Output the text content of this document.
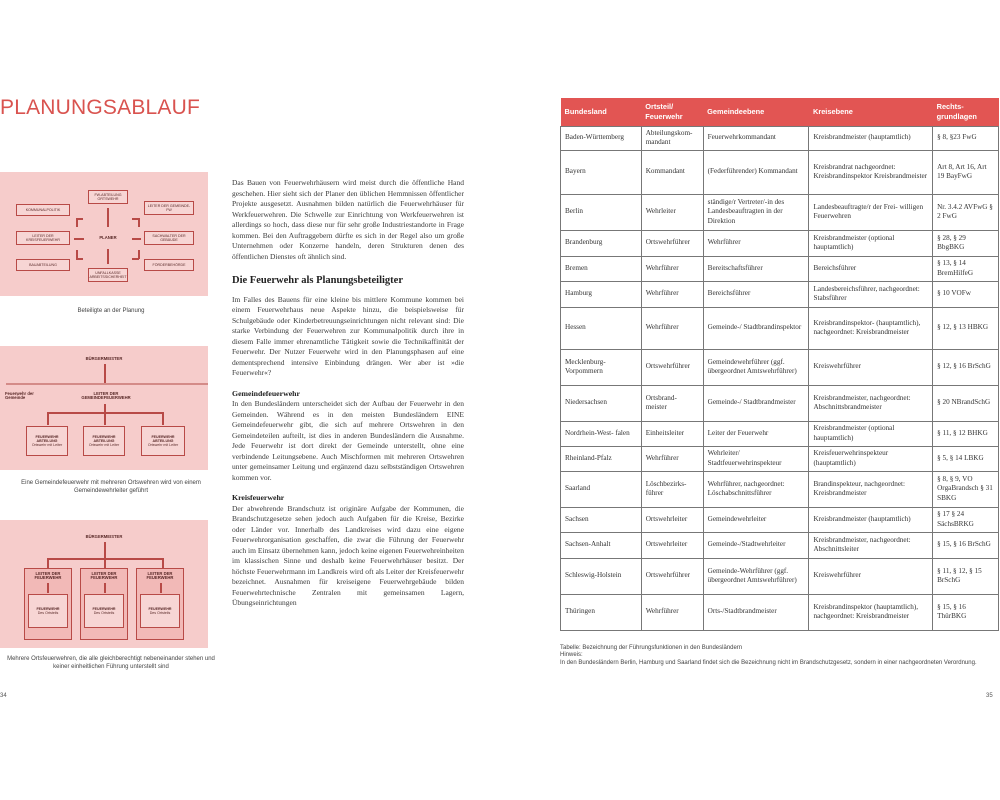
PLANUNGSABLAUF
FW-ABTEILUNG ORTSWEHR
KOMMUNALPOLITIK
LEITER DER GEMEINDE-FW
LEITER DER KREISFEUERWEHR
PLANER	SACHWALTER DER GEBÄUDE
BAUABTEILUNG
UNFALLKASSE ARBEITSSICHERHEIT
FÖRDERBEHÖRDE
Beteiligte an der Planung
BÜRGERMEISTER
LEITER DER GEMEINDEFEUERWEHR
Feuerwehr der Gemeinde
FEUERWEHR ABTEILUNG
Ortswehr mit Leiter
FEUERWEHR ABTEILUNG
Ortswehr mit Leiter
FEUERWEHR ABTEILUNG
Ortswehr mit Leiter
Eine Gemeindefeuerwehr mit mehreren Ortswehren wird von einem Gemeindewehrleiter geführt
BÜRGERMEISTER
LEITER DER FEUERWEHR
LEITER DER FEUERWEHR
LEITER DER FEUERWEHR
FEUERWEHR
Des Ortsteils
FEUERWEHR
Des Ortsteils
FEUERWEHR
Des Ortsteils
Mehrere Ortsfeuerwehren, die alle gleichberechtigt nebeneinander stehen und keiner einheitlichen Führung unterstellt sind

Das Bauen von Feuerwehrhäusern wird meist durch die öffentliche Hand geschehen. Hier sieht sich der Planer den üblichen Hemmnissen öffentlicher Projekte ausgesetzt. Ausnahmen bilden natürlich die Feuerwehrhäuser für Werkfeuerwehren. Die Schwelle zur Einrichtung von Werkfeuerwehren ist allerdings so hoch, dass diese nur für sehr große Industriestandorte in Frage kommen. Bei den Auftraggebern dürfte es sich in der Regel also um große Unternehmen oder Konzerne handeln, deren Strukturen denen des öffentlichen Dienstes oft ähnlich sind.

Die Feuerwehr als Planungsbeteiligter

Im Falles des Bauens für eine kleine bis mittlere Kommune kommen bei einem Feuerwehrhaus neue Aspekte hinzu, die beispielsweise für Schulgebäude oder Kinderbetreuungseinrichtungen nicht relevant sind: Die starke Verbindung der Feuerwehren zur Kommunalpolitik durch ihre in diesem Falle immer ehrenamtliche Tätigkeit sowie die Technikaffinität der Feuerwehr. Der Nutzer Feuerwehr wird in den Planungsphasen auf eine dementsprechend intensive Einbindung drängen. Wer aber ist »die Feuerwehr«?

Gemeindefeuerwehr

In den Bundesländern unterscheidet sich der Aufbau der Feuerwehr in den Gemeinden. Während es in den meisten Bundesländern EINE Gemeindefeuerwehr gibt, die sich auf mehrere Ortswehren in den Gemeindeteilen aufteilt, ist dies in anderen Bundesländern die Ausnahme. Jede Feuerwehr ist dort direkt der Gemeinde unterstellt, ohne eine verbindende Leitungsebene. Auch Mischformen mit mehreren Ortswehren unter gemeinsamer Leitung und ergänzend dazu selbstständigen Ortswehren kommen vor.

Kreisfeuerwehr

Der abwehrende Brandschutz ist originäre Aufgabe der Kommunen, die Brandschutzgesetze sehen jedoch auch Aufgaben für die Kreise, Bezirke oder Länder vor. Innerhalb des Landkreises wird dazu eine eigene Feuerwehrorganisation geschaffen, die zwar die Führung der Feuerwehr auch im Einsatz übernehmen kann, jedoch keine eigenen Feuerwehreinheiten im klassischen Sinne und deshalb keine Feuerwehrhäuser besitzt. Der höchste Feuerwehrmann im Landkreis wird oft als Leiter der Kreisfeuerwehr bezeichnet. Ausnahmen für kreiseigene Feuerwehrgebäude bilden Feuerwehrtechnische Zentralen mit gemeinsamen Lagern, Übungseinrichtungen

Bundesland	Ortsteil/ Feuerwehr	Gemeindeebene	Kreisebene	Rechts- grundlagen
Baden-Württemberg	Abteilungskom- mandant	Feuerwehrkommandant	Kreisbrandmeister (hauptamtlich)	§ 8, §23 FwG
Bayern	Kommandant	(Federführender) Kommandant	Kreisbrandrat nachgeordnet: Kreisbrandinspektor Kreisbrandmeister	Art 8, Art 16, Art 19 BayFwG
Berlin	Wehrleiter	ständige/r Vertreter/-in des Landesbeauftragten in der Direktion	Landesbeauftragte/r der Frei- willigen Feuerwehren	Nr. 3.4.2 AVFwG § 2 FwG
Brandenburg	Ortswehrführer	Wehrführer	Kreisbrandmeister (optional hauptamtlich)	§ 28, § 29 BbgBKG
Bremen	Wehrführer	Bereitschaftsführer	Bereichsführer	§ 13, § 14 BremHilfeG
Hamburg	Wehrführer	Bereichsführer	Landesbereichsführer, nachgeordnet: Stabsführer	§ 10 VOFw
Hessen	Wehrführer	Gemeinde-/ Stadtbrandinspektor	Kreisbrandinspektor- (hauptamtlich), nachgeordnet: Kreisbrandmeister	§ 12, § 13 HBKG
Mecklenburg- Vorpommern	Ortswehrführer	Gemeindewehrführer (ggf. übergeordnet Amtswehrführer)	Kreiswehrführer	§ 12, § 16 BrSchG
Niedersachsen	Ortsbrand- meister	Gemeinde-/ Stadtbrandmeister	Kreisbrandmeister, nachgeordnet: Abschnittsbrandmeister	§ 20 NBrandSchG
Nordrhein-West- falen	Einheitsleiter	Leiter der Feuerwehr	Kreisbrandmeister (optional hauptamtlich)	§ 11, § 12 BHKG
Rheinland-Pfalz	Wehrführer	Wehrleiter/ Stadtfeuerwehrinspekteur	Kreisfeuerwehrinspekteur (hauptamtlich)	§ 5, § 14 LBKG
Saarland	Löschbezirks- führer	Wehrführer, nachgeordnet: Löschabschnittsführer	Brandinspekteur, nachgeordnet: Kreisbrandmeister	§ 8, § 9, VO OrgaBrandsch § 31 SBKG
Sachsen	Ortswehrleiter	Gemeindewehrleiter	Kreisbrandmeister (hauptamtlich)	§ 17 § 24 SächsBRKG
Sachsen-Anhalt	Ortswehrleiter	Gemeinde-/Stadtwehrleiter	Kreisbrandmeister, nachgeordnet: Abschnittsleiter	§ 15, § 16 BrSchG
Schleswig-Holstein	Ortswehrführer	Gemeinde-Wehrführer (ggf. übergeordnet Amtswehrführer)	Kreiswehrführer	§ 11, § 12, § 15 BrSchG
Thüringen	Wehrführer	Orts-/Stadtbrandmeister	Kreisbrandinspektor (hauptamtlich), nachgeordnet: Kreisbrandmeister	§ 15, § 16 ThürBKG
Tabelle: Bezeichnung der Führungsfunktionen in den Bundesländern
Hinweis:
In den Bundesländern Berlin, Hamburg und Saarland findet sich die Bezeichnung nicht im Brandschutzgesetz, sondern in einer nachgeordneten Verordnung.
34	35
